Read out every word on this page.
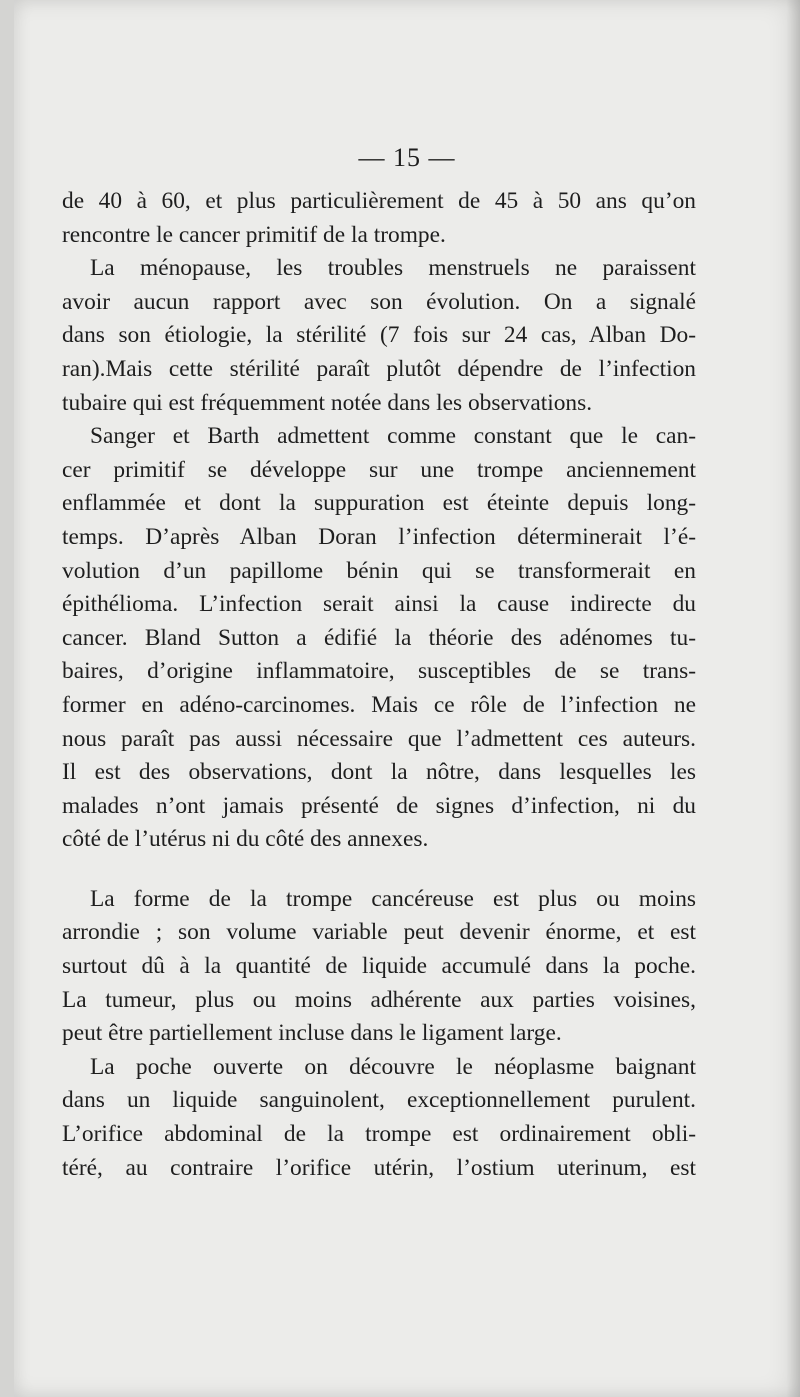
— 15 —
de 40 à 60, et plus particulièrement de 45 à 50 ans qu’on
rencontre le cancer primitif de la trompe.
La ménopause, les troubles menstruels ne paraissent
avoir aucun rapport avec son évolution. On a signalé
dans son étiologie, la stérilité (7 fois sur 24 cas, Alban Do-
ran).Mais cette stérilité paraît plutôt dépendre de l’infection
tubaire qui est fréquemment notée dans les observations.
Sanger et Barth admettent comme constant que le can-
cer primitif se développe sur une trompe anciennement
enflammée et dont la suppuration est éteinte depuis long-
temps. D’après Alban Doran l’infection déterminerait l’é-
volution d’un papillome bénin qui se transformerait en
épithélioma. L’infection serait ainsi la cause indirecte du
cancer. Bland Sutton a édifié la théorie des adénomes tu-
baires, d’origine inflammatoire, susceptibles de se trans-
former en adéno-carcinomes. Mais ce rôle de l’infection ne
nous paraît pas aussi nécessaire que l’admettent ces auteurs.
Il est des observations, dont la nôtre, dans lesquelles les
malades n’ont jamais présenté de signes d’infection, ni du
côté de l’utérus ni du côté des annexes.
La forme de la trompe cancéreuse est plus ou moins
arrondie ; son volume variable peut devenir énorme, et est
surtout dû à la quantité de liquide accumulé dans la poche.
La tumeur, plus ou moins adhérente aux parties voisines,
peut être partiellement incluse dans le ligament large.
La poche ouverte on découvre le néoplasme baignant
dans un liquide sanguinolent, exceptionnellement purulent.
L’orifice abdominal de la trompe est ordinairement obli-
téré, au contraire l’orifice utérin, l’ostium uterinum, est
